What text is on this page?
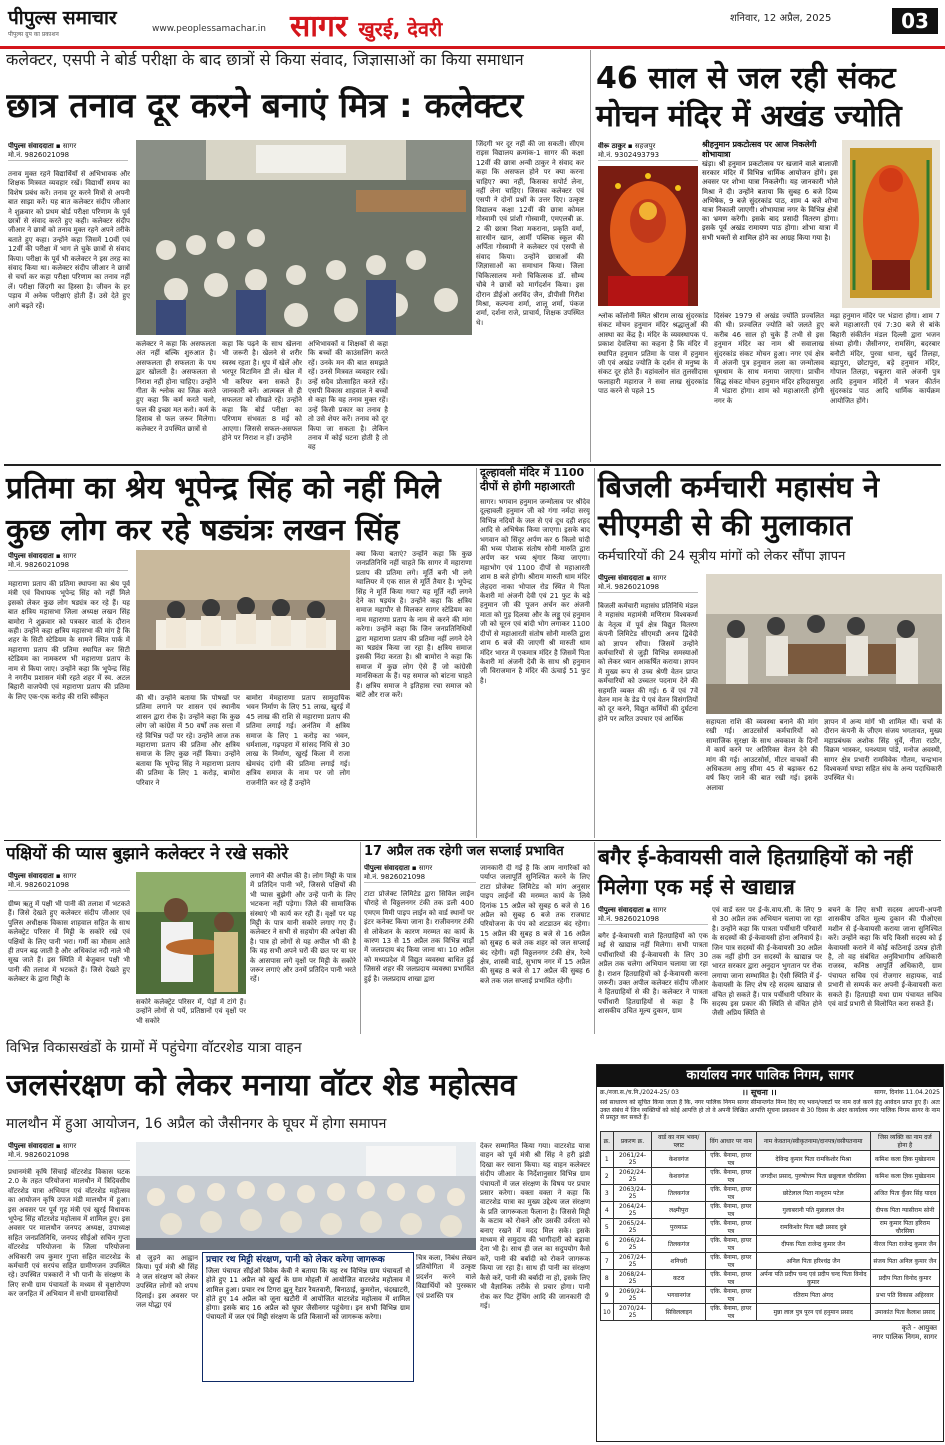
पीपुल्स समाचार
पीपुल्स ग्रुप का प्रकाशन
www.peoplessamachar.in सागर खुरई, देवरी	शनिवार, 12 अप्रैल, 2025	03
कलेक्टर, एसपी ने बोर्ड परीक्षा के बाद छात्रों से किया संवाद, जिज्ञासाओं का किया समाधान
छात्र तनाव दूर करने बनाएं मित्र : कलेक्टर
पीपुल्स संवाददाता ▪ सागर
मो.नं. 9826021098
तनाव मुक्त रहने विद्यार्थियों से अभिभावक और शिक्षक मित्रवत व्यवहार रखें। विद्यार्थी समय का विशेष प्रबंध करें। तनाव दूर करने मित्रों से अपनी बात साझा करें। यह बात कलेक्टर संदीप जीआर ने शुक्रवार को प्रथम बोर्ड परीक्षा परिणाम के पूर्व छात्रों से संवाद करते हुए कही। कलेक्टर संदीप जीआर ने छात्रों को तनाव मुक्त रहने अपने तरीके बताते हुए कहा। उन्होंने कहा जिसमें 10वीं एवं 12वीं की परीक्षा में भाग ले चुके छात्रों से संवाद किया। परीक्षा के पूर्व भी कलेक्टर ने इस तरह का संवाद किया था। कलेक्टर संदीप जीआर ने छात्रों से चर्चा कर कहा परीक्षा परिणाम का तनाव नहीं लें। परीक्षा जिंदगी का हिस्सा है। जीवन के हर पड़ाव में अनेक परीक्षाएं होती हैं। उसे देते हुए आगे बढ़ते रहें।
कलेक्टर ने कहा कि असफलता अंत नहीं बल्कि शुरुआत है। असफलता ही सफलता के पथ द्वार खोलती है। असफलता से निराश नहीं होना चाहिए। उन्होंने गीता के श्लोक का जिक्र करते हुए कहा कि कर्म करते चलो, फल की इच्छा मत करो। कर्म के हिसाब से फल जरूर मिलेगा। कलेक्टर ने उपस्थित छात्रों से
कहा कि पढ़ने के साथ खेलना भी जरूरी है। खेलने से शरीर स्वस्थ रहता है। धूप में खेलें और भरपूर विटामिन डी लें। खेल में भी करियर बना सकते हैं। जानकारी बनें। आत्मबल से ही सफलता को सीखते रहें। उन्होंने कहा कि बोर्ड परीक्षा का परिणाम संभवतः 8 मई को आएगा। जिससे सफल-असफल होने पर निराश न हों। उन्होंने
अभिभावकों व शिक्षकों से कहा कि बच्चों की काउंसलिंग करते रहें। उनके मन की बात समझते रहें। उनसे मित्रवत व्यवहार रखें। उन्हें सदैव प्रोत्साहित करते रहें। एसपी विकास शाहवाल ने बच्चों से कहा कि वह तनाव मुक्त रहें। उन्हें किसी प्रकार का तनाव है तो उसे शेयर करें। तनाव को दूर किया जा सकता है। लेकिन तनाव में कोई घटना होती है तो वह
जिंदगी भर दूर नहीं की जा सकती। सीएम राइस विद्यालय क्रमांक-1 सागर की कक्षा 12वीं की छात्रा अन्वी ठाकुर ने संवाद कर कहा कि असफल होने पर क्या करना चाहिए? क्या नहीं, किसका सपोर्ट लेना, नहीं लेना चाहिए। जिसका कलेक्टर एवं एसपी ने दोनों प्रश्नों के उत्तर दिए। उत्कृष्ट विद्यालय कक्षा 12वीं की छात्रा कोमल गोस्वामी एवं प्रांशी गोस्वामी, एमएलबी क्र. 2 की छात्रा निशा मकराना, प्रकृति वर्मा, सारथीन खान, आर्मी पब्लिक स्कूल की अर्पिता गोस्वामी ने कलेक्टर एवं एसपी से संवाद किया। उन्होंने छात्राओं की जिज्ञासाओं का समाधान किया। जिला चिकित्सालय मनो चिकित्सक डॉ. सौम्य चौबे ने छात्रों को मार्गदर्शन किया। इस दौरान डीईओ अरविंद जैन, डीपीसी गिरीश मिश्रा, कल्पना शर्मा, शालू शर्मा, पंकज शर्मा, दर्शना राजे, प्राचार्य, शिक्षक उपस्थित थे।
46 साल से जल रही संकट मोचन मंदिर में अखंड ज्योति
वीरू ठाकुर ▪ सहजपुर
मो.नं. 9302493793
श्रीहनुमान प्रकटोत्सव पर आज निकलेगी शोभायात्रा
खंड़ा। श्री हनुमान प्रकटोत्सव पर खजाने वाले बालाजी सरकार मंदिर में विभिन्न धार्मिक आयोजन होंगे। इस अवसर पर शोभा यात्रा निकलेगी। यह जानकारी भोले मिश्रा ने दी। उन्होंने बताया कि सुबह 6 बजे दिव्य अभिषेक, 9 बजे सुंदरकांड पाठ, शाम 4 बजे शोभा यात्रा निकाली जाएगी। शोभायात्रा नगर के विभिन्न क्षेत्रों का भ्रमण करेगी। इसके बाद प्रसादी वितरण होगा। इसके पूर्व अखंड रामायण पाठ होगा। शोभा यात्रा में सभी भक्तों से शामिल होने का आग्रह किया गया है।
श्लोक कॉलोनी स्थित श्रीराम लाख सुंदरकांड संकट मोचन हनुमान मंदिर श्रद्धालुओं की आस्था का केंद्र है। मंदिर के व्यवस्थापक पं. प्रकाश देवलिया का कहना है कि मंदिर में स्थापित हनुमान प्रतिमा के पास में हनुमान जी एवं अखंड ज्योति के दर्शन से मनुष्य के संकट दूर होते हैं। वहांवलोन संत तुलसीदास फलाहारी महाराज ने सवा लाख सुंदरकांड पाठ करने से पहले 15
दिसंबर 1979 से अखंड ज्योति प्रज्वलित की थी। प्रज्वलित ज्योति को जलते हुए करीब 46 साल हो चुके हैं तभी से इस हनुमान मंदिर का नाम श्री सवालाख सुंदरकांड संकट मोचन हुआ। नगर एवं क्षेत्र में अंजनी पुत्र हनुमान लला का जन्मोत्सव धूमधाम के साथ मनाया जाएगा। प्राचीन सिद्ध संकट मोचन हनुमान मंदिर हरिदासपुरा में भंडारा होगा। शाम को महाआरती होगी नगर के
मढ़ा हनुमान मंदिर पर भंडारा होगा। शाम 7 बजे महाआरती एवं 7:30 बजे से बांके बिहारी संकीर्तन मंडल दिल्ली द्वारा भजन संध्या होगी। जैसीनगर, रामसिंग, बदरबार बनौटी मंदिर, पुरवा धाना, खुर्द तिलहा, बड़ापुरा, छोटापुरा, बड़े हनुमान मंदिर, गोपाल तिलहा, चबूतरा वाले अंजनी पुत्र आदि हनुमान मंदिरों में भजन कीर्तन सुंदरकांड पाठ आदि धार्मिक कार्यक्रम आयोजित होंगे।
प्रतिमा का श्रेय भूपेन्द्र सिंह को नहीं मिले कुछ लोग कर रहे षड्यंत्रः लखन सिंह
पीपुल्स संवाददाता ▪ सागर
मो.नं. 9826021098
महाराणा प्रताप की प्रतिमा स्थापना का श्रेय पूर्व मंत्री एवं विधायक भूपेन्द्र सिंह को नहीं मिले इसको लेकर कुछ लोग षड्यंत्र कर रहे हैं। यह बात क्षत्रिय महासभा जिला अध्यक्ष लखन सिंह बामोरा ने शुक्रवार को पत्रकार वार्ता के दौरान कही। उन्होंने कहा क्षत्रिय महासभा की मांग है कि शहर के सिटी स्टेडियम के सामने स्थित पार्क में महाराणा प्रताप की प्रतिमा स्थापित कर सिटी स्टेडियम का नामकरण भी महाराणा प्रताप के नाम से किया जाए। उन्होंने कहा कि भूपेन्द्र सिंह ने नगरीय प्रशासन मंत्री रहते शहर में स्व. अटल बिहारी वाजपेयी एवं महाराणा प्रताप की प्रतिमा के लिए एक-एक करोड़ की राशि स्वीकृत	की थी। उन्होंने बताया कि पोषखों पर प्रतिमा लगाने पर शासन एवं स्थानीय शासन द्वारा रोक है। उन्होंने कहा कि कुछ लोग जो कांग्रेस में 50 वर्षों तक सत्ता में रहे विभिन्न पदों पर रहे। उन्होंने आज तक महाराणा प्रताप की प्रतिमा और क्षत्रिय समाज के लिए कुछ नहीं किया। उन्होंने बताया कि भूपेन्द्र सिंह ने महाराणा प्रताप की प्रतिमा के लिए 1 करोड़, बामोरा परिवार ने
बामोरा मेमहाराणा प्रताप सामुदायिक भवन निर्माण के लिए 51 लाख, खुरई में 45 लाख की राशि से महाराणा प्रताप की प्रतिमा लगाई गई। अनंतिम में क्षत्रिय समाज के लिए 1 करोड़ का भवन, धर्मशाला, गढ़पहरा में सांसद निधि से 30 लाख के निर्माण, खुरई किला में राजा खेमचंद दांगी की प्रतिमा लगाई गई। क्षत्रिय समाज के नाम पर जो लोग राजनीति कर रहे हैं उन्होंने
क्या किया बताएं? उन्होंने कहा कि कुछ जनप्रतिनिधि नहीं चाहते कि सागर में महाराणा प्रताप की प्रतिमा लगे। मूर्ति बनी भी लगे ग्वालियर में एक साल से मूर्ति तैयार है। भूपेन्द्र सिंह ने मूर्ति किया गया? यह मूर्ति नहीं लगने देने का षड़यंत्र है। उन्होंने कहा कि क्षत्रिय समाज महापौर से मिलकर सागर स्टेडियम का नाम महाराणा प्रताप के नाम से करने की मांग करेगा। उन्होंने कहा कि जिन जनप्रतिनिधियों द्वारा महाराणा प्रताप की प्रतिमा नहीं लगने देने का षड्यंत्र किया जा रहा है। क्षत्रिय समाज इसकी निंदा करता है। श्री बामोरा ने कहा कि समाज में कुछ लोग ऐसे हैं जो कांग्रेसी मानसिकता के हैं। यह समाज को बांटना चाहते हैं। क्षत्रिय समाज ने इतिहास रचा समाज को बांटें और राज करें।
दूल्हावली मंदिर में 1100 दीपों से होगी महाआरती
सागर। भगवान हनुमान जन्मोत्सव पर श्रीदेव दूल्हावली हनुमान जी को गंगा नर्मदा सरयू विभिन्न नदियों के जल से एवं दूध दही शहद आदि से अभिषेक किया जाएगा। इसके बाद भगवान को सिंदूर अर्पण कर 6 किलो घांदी की भव्य पोशाक संतोष सोनी मारुति द्वारा अर्पण कर भव्य श्रृंगार किया जाएगा। महाभोग एवं 1100 दीपों से महाआरती शाम 8 बजे होगी। श्रीराम मारुती धाम मंदिर लेहदरा नाका भोपाल रोड स्थित मे पिता केशरी मां अंजनी देवी एवं 21 फुट के बड़े हनुमान जी की पूजन अर्चन कर अंजनी माता को गुड़ दिलया और के लड्डू एवं हनुमान जी को चूरन एवं बांदी भोग लगाकर 1100 दीपों से महाआरती संतोष सोनी मारुति द्वारा शाम 6 बजे की जाएगी श्री मारुती धाम मंदिर भारत में एकमात्र मंदिर है जिसमें पिता केशरी मां अंजनी देवी के साथ श्री हनुमान जी विराजमान है मंदिर की ऊंचाई 51 फुट है।
बिजली कर्मचारी महासंघ ने सीएमडी से की मुलाकात
कर्मचारियों की 24 सूत्रीय मांगों को लेकर सौंपा ज्ञापन
पीपुल्स संवाददाता ▪ सागर
मो.नं. 9826021098
बिजली कर्मचारी महासंघ प्रतिनिधि मंडल ने महासंघ महामंत्री मणिराम विश्वकर्मा के नेतृत्व में पूर्व क्षेत्र विद्युत वितरण कंपनी लिमिटेड सीएमडी अनय द्विवेदी को ज्ञापन सौंपा। जिसमें उन्होंने कर्मचारियों से जुड़ी विभिन्न समस्याओं को लेकर ध्यान आकर्षित कराया। ज्ञापन में मुख्य रूप से उच्च श्रेणी वेतन प्राप्त कर्मचारियों को उच्चतर पदनाम देने की सहमति व्यक्त की गई। 6 वें एवं 7वें वेतन मान के डेड पे एवं वेतन विसंगतियों को दूर करने, विद्युत कर्मियों की दुर्घटना होने पर त्वरित उपचार एवं आर्थिक	सहायता राशि की व्यवस्था बनाने की मांग रखी गई। आउटसोर्स कर्मचारियों को सामाजिक सुरक्षा के साथ अवकाश के दिनों में कार्य करने पर अतिरिक्त वेतन देने की मांग की गई। आउटसोर्स, मीटर वाचकों की अधिकतम आयु सीमा 45 से बढ़ाकर 62 वर्ष किए जाने की बात रखी गई। इसके अलावा
ज्ञापन में अन्य मांगें भी शामिल थीं। चर्चा के दौरान कंपनी के जीएम संजय भगतावत, मुख्य महाप्रबंधक अशोक सिंह धुर्वे, नीता राठौर, विक्रम भास्कर, घनश्याम पांडे, मनोज अवस्थी, सागर क्षेत्र प्रभारी रामविवेक गौतम, चन्द्रभान विश्वकर्मा घण्डा सहित संघ के अन्य पदाधिकारी उपस्थित थे।
पक्षियों की प्यास बुझाने कलेक्टर ने रखे सकोरे
पीपुल्स संवाददाता ▪ सागर
मो.नं. 9826021098
ग्रीष्म ऋतु में पक्षी भी पानी की तलाश में भटकते हैं। जिसे देखते हुए कलेक्टर संदीप जीआर एवं पुलिस अधीक्षक विकास शाहवाल सहित के साथ कलेक्ट्रेट परिसर में मिट्टी के सकोरे रखे एवं पक्षियों के लिए पानी भरा। गर्मी का मौसम आते ही तपन बढ़ जाती है और अधिकांश नदी नाले भी सूख जाते हैं। इस स्थिति में बेजुबान पक्षी भी पानी की तलाश में भटकते हैं। जिसे देखते हुए कलेक्टर के द्वारा मिट्टी के
सकोरे कलेक्ट्रेट परिसर में, पेड़ों में टांगे हैं। उन्होंने लोगों से पर्ये, प्रतिष्ठानों एवं वृक्षों पर भी सकोरे
लगाने की अपील की है। लोग मिट्टी के पात्र में प्रतिदिन पानी भरें, जिससे पक्षियों की भी प्यास बुझेगी और उन्हें पानी के लिए भटकना नहीं पड़ेगा। जिले की सामाजिक संस्थाएं भी कार्य कर रही हैं। वृक्षों पर यह मिट्टी के पात्र यानी सकोरे लगाए गए हैं। कलेक्टर ने सभी से सहयोग की अपेक्षा की है। पात्र हो लोगों से यह अपील भी की है कि वह सभी अपने घरों की छत पर या घर के आसपास लगे वृक्षों पर मिट्टी के सकोरे जरूर लगाएं और उनमें प्रतिदिन पानी भरते रहें।
17 अप्रैल तक रहेगी जल सप्लाई प्रभावित
पीपुल्स संवाददाता ▪ सागर
मो.नं. 9826021098
टाटा प्रोजेक्ट लिमिटेड द्वारा सिविल लाईन चौराहे से विठ्ठलनगर टंकी तक डली 400 एमएम मिमी पाइप लाईन को वार्ड स्थानों पर इंटर कनेक्ट किया जाना है। राजीवनगर टंकी से लोकेशन के कारण मरम्मत का कार्य के कारण 13 से 15 अप्रैल तक विभिन्न वार्ड़ों में जलप्रदाय बंद किया जाना था। 10 अप्रैल को मध्यप्रदेश में विद्युत व्यवस्था बाधित हुई जिससे शहर की जलप्रदाय व्यवस्था प्रभावित हुई है। जलप्रदाय शाखा द्वारा
जानकारी दी गई है कि आम नागरिकों को पर्याप्त जलापूर्ति सुनिश्चित करने के लिए टाटा प्रोजेक्ट लिमिटेड को मांग अनुसार पाइप लाईनों की मरम्मत कार्य के लिये दिनांक 15 अप्रैल को सुबह 6 बजे से 16 अप्रैल को सुबह 6 बजे तक राजघाट परियोजना के पंप को शटडाउन बंद रहेगा। 15 अप्रैल की सुबह 8 बजे से 16 अप्रैल को सुबह 6 बजे तक शहर को जल सप्लाई बंद रहेगी। वहीं विठ्ठलनगर टंकी क्षेत्र, रेल्वे क्षेत्र, शास्त्री वार्ड, सुभाष नगर में 15 अप्रैल की सुबह 8 बजे से 17 अप्रैल की सुबह 6 बजे तक जल सप्लाई प्रभावित रहेगी।
बगैर ई-केवायसी वाले हितग्राहियों को नहीं मिलेगा एक मई से खाद्यान्न
पीपुल्स संवाददाता ▪ सागर
मो.नं. 9826021098
बगैर ई-केवायसी वाले हितग्राहियों को एक मई से खाद्यान्न नहीं मिलेगा। सभी पात्रता पर्चीधारियों की ई-केवायसी के लिए 30 अप्रैल तक चलेगा अभियान चलाया जा रहा है। राशन हितग्राहियों को ई-केवायसी करना जरूरी। उक्त अपील कलेक्टर संदीप जीआर ने हितग्राहियों से की है। कलेक्टर ने पात्रता पर्चीधारी हितग्राहियों से कहा है कि शासकीय उचित मूल्य दुकान, ग्राम
एवं वार्ड स्तर पर ई-के.वाय.सी. के लिए 9 से 30 अप्रैल तक अभियान चलाया जा रहा है। उन्होंने कहा कि पात्रता पर्चीधारी परिवारों के सदस्यों की ई-केवायसी होना अनिवार्य है। जिन पात्र सदस्यों की ई-केवायसी 30 अप्रैल तक नहीं होगी उन सदस्यों के खाद्यान्न पर भारत सरकार द्वारा अनुदान भुगतान पर रोक लगाया जाना सम्भावित है। ऐसी स्थिति में ई-केवायसी के लिए शेष रहे सदस्य खाद्यान्न से वंचित हो सकते हैं। पात्र पर्चीधारी परिवार के सदस्य इस प्रकार की स्थिति से वंचित होने जैसी अप्रिय स्थिति से
बचने के लिए सभी सदस्य आपनी-अपनी शासकीय उचित मूल्य दुकान की पीओएस मशीन से ई-केवायसी कराया जाना सुनिश्चित करें। उन्होंने कहा कि यदि किसी सदस्य को ई केवायसी कराने में कोई कठिनाई उत्पन्न होती है, तो वह संबंधित अनुविभागीय अधिकारी राजस्व, कनिष्ठ आपूर्ति अधिकारी, ग्राम पंचायत सचिव एवं रोजगार सहायक, वार्ड प्रभारी से सम्पर्क कर अपनी ई-केवायसी करा सकते हैं। हितग्राही यथा ग्राम पंचायत सचिव एवं वार्ड प्रभारी से विलोपित करा सकते हैं।
विभिन्न विकासखंडों के ग्रामों में पहुंचेगा वॉटरशेड यात्रा वाहन
जलसंरक्षण को लेकर मनाया वॉटर शेड महोत्सव
मालथौन में हुआ आयोजन, 16 अप्रैल को जैसीनगर के घूघर में होगा समापन
पीपुल्स संवाददाता ▪ सागर
मो.नं. 9826021098
प्रधानमंत्री कृषि सिंचाई वॉटरशेड विकास घटक 2.0 के तहत परियोजना मालथौन में त्रिदिवसीय वॉटरशेड यात्रा अभियान एवं वॉटरशेड महोत्सव का आयोजन कृषि उपज मंडी मालथौन में हुआ। इस अवसर पर पूर्व गृह मंत्री एवं खुरई विधायक भूपेन्द्र सिंह वॉटरशेड महोत्सव में शामिल हुए। इस अवसर पर मालथौन जनपद अध्यक्ष, उपाध्यक्ष सहित जनप्रतिनिधि, जनपद सीईओ सचिन गुप्ता वॉटरशेड परियोजना के जिला परियोजना अधिकारी जय कुमार गुप्ता सहित वाटरशेड के कर्मचारी एवं सरपंच सहित ग्रामीणजन उपस्थित रहे। उपस्थित पत्रकारों ने भी पानी के संरक्षण के लिए सभी ग्राम पंचायतों के मध्यम से वृक्षारोपण कर जनहित में अभियान में सभी ग्रामवासियों
से जुड़ने का आह्वान किया। पूर्व मंत्री श्री सिंह ने जल संरक्षण को लेकर उपस्थित लोगों को शपथ दिलाई। इस अवसर पर जल योद्धा एवं
प्रचार रथ मिट्टी संरक्षण, पानी को लेकर करेगा जागरूक
जिला पंचायत सीईओ विवेक केवी ने बताया कि यह रथ विभिन्न ग्राम पंचायतों से होते हुए 11 अप्रैल को खुरई के ग्राम मोहली में आयोजित वाटरशेड महोत्सव में शामिल हुआ। प्रचार रथ टिगरा झुनू रेंडार रैयतवारी, बिनाठाई, कुमरोल, चंदखाटरी, होते हुए 14 अप्रैल को जूना खटौरी में आयोजित वाटरशेड महोत्सव में शामिल होगा। इसके बाद 16 अप्रैल को घूघर जैसीनगर पहुंचेगा। इन सभी विभिन्न ग्राम पंचायतों में जल एवं मिट्टी संरक्षण के प्रति किसानों को जागरूक करेगा।
चित्र कला, निबंध लेखन प्रतियोगिता में उत्कृष्ट प्रदर्शन करने वाले विद्यार्थियों को पुरस्कार एवं प्रशस्ति पत्र
देकर सम्मानित किया गया। वाटरशेड यात्रा वाहन को पूर्व मंत्री श्री सिंह ने हरी झंडी दिखा कर रवाना किया। यह वाहन कलेक्टर संदीप जीआर के निर्देशानुसार विभिन्न ग्राम पंचायतों में जल संरक्षण के विषय पर प्रचार प्रसार करेगा। वक्ता वक्ता ने कहा कि वाटरशेड यात्रा का मुख्य उद्देश्य जल संरक्षण के प्रति जागरूकता फैलाना है। जिससे मिट्टी के कटाव को रोकने और उसकी उर्वरता को बनाए रखने में मदद मिल सके। इसके माध्यम से समुदाय की भागीदारी को बढ़ावा देना भी है। साथ ही जल का सदुपयोग कैसे करें, पानी की बर्बादी को रोकने जागरूक किया जा रहा है। साथ ही पानी का संरक्षण कैसे करें, पानी की बर्बादी ना हो, इसके लिए भी वैज्ञानिक तरीके से प्रचार होगा। पानी रोक कर पिट ट्रेंचिंग आदि की जानकारी दी गई।
कार्यालय नगर पालिक निगम, सागर
क्र./नजा.स./च.नि./2024-25/ 03	।। सूचना ।।	सागर, दिनांक 11.04.2025
सर्व साधारण को सूचित किया जाता है कि, नगर पालिक निगम सागर सीमान्तर्गत निम्न दिए गए भवन/प्लाटों पर नाम दर्ज करने हेतु आवेदन प्राप्त हुए हैं। अतः उक्त संबंध में जिन व्यक्तियों को कोई आपत्ति हो तो वे अपनी लिखित आपत्ति सूचना प्रकाशन से 30 दिवस के अंदर कार्यालय नगर पालिक निगम सागर के नाम से प्रस्तुत कर सकते हैं।
क्र.	प्रकरण क्र.	वार्ड का नाम भवन/प्लाट	विंग आधार पर नाम	नाम केवतान/स्वीकृतनामा/दानपत्र/वसीयतनामा	जिस व्यक्ति का नाम दर्ज होना है
1	2061/24-25	केशवगंज	एकि. बैनामा, हायर पत्र	देविन्द्र कुमार पिता रामकिशोर मिश्रा	कमिश कला ज्ञिक मुखेडनाम
2	2062/24-25	केशवगंज	एकि. बैनामा, हायर पत्र	जगदीश प्रसाद, पुरुषोत्तम पिता छन्नूलाल चौरसिया	कमिश कला ज्ञिक मुखेडनाम
3	2063/24-25	तिलकगंज	एकि. बैनामा, हायर पत्र	छोटेलाल पिता नाथूराम पटेल	अजित पिता कुँवर सिंह यादव
4	2064/24-25	लक्ष्मीपुरा	एकि. बैनामा, हायर पत्र	गुलाबरानी पति मुन्नालाल जैन	दीपक पिता ग्यासीराम सोनी
5	2065/24-25	पुरव्याऊ	एकि. बैनामा, हायर पत्र	रामकिशोर पिता बद्री प्रसाद दुबे	राम कुमार पिता हरिराम चौरसिया
6	2066/24-25	तिलकगंज	एकि. बैनामा, हायर पत्र	दीपक पिता राजेन्द्र कुमार जैन	नीरज पिता राजेन्द्र कुमार जैन
7	2067/24-25	शनिचरी	एकि. बैनामा, हायर पत्र	अनिल पिता हरिश्चंद्र जैन	संजय पिता अनिल कुमार जैन
8	2068/24-25	कटरा	एकि. बैनामा, हायर पत्र	अर्पना पति प्रदीप चन्द एवं प्रदीप चन्द पिता विनोद कुमार	प्रदीप पिता विनोद कुमार
9	2069/24-25	भगवानगंज	एकि. बैनामा, हायर पत्र	रतिराम पिता अंगद	प्रभा पति विकास अहिरवार
10	2070/24-25	सिविललाइन	एकि. बैनामा, हायर पत्र	मुन्ना लाल पुत्र पूरन एवं हनुमान प्रसाद	उमाकांत पिता कैलाश प्रसाद
कृते - आयुक्त
नगर पालिक निगम, सागर
